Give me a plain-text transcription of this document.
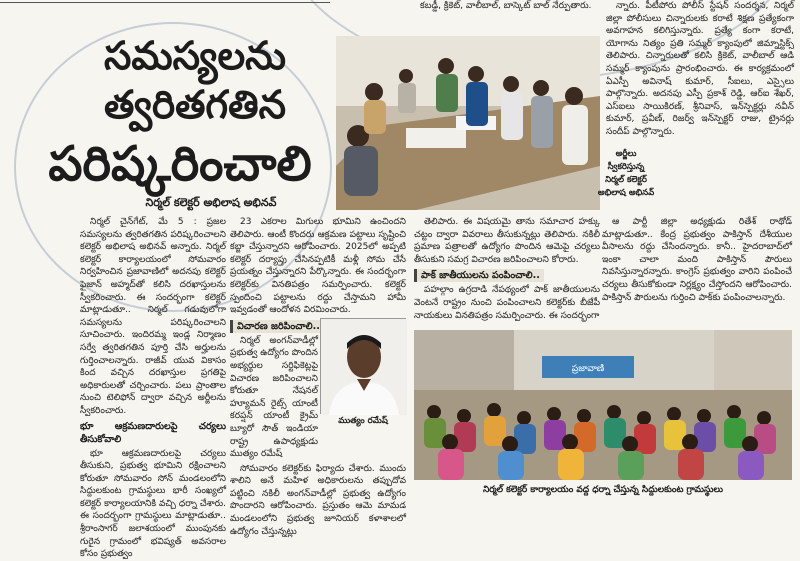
సమస్యలను
త్వరితగతిన
పరిష్కరించాలి
నిర్మల్‌ కలెక్టర్‌ అభిలాష అభినవ్‌
అర్జీలు
స్వీకరిస్తున్న
నిర్మల్‌ కలెక్టర్‌
అభిలాష అభినవ్‌

కబడ్డీ, క్రికెట్‌, వాలీబాల్‌, బాస్కెట్‌ బాల్‌ నేర్పుతారు.	న్నారు. పీటీపోరు పోలీస్‌ స్టేషన్‌ సందర్శన, నిర్మల్‌ జిల్లా పోలీసులు చిన్నారులకు కరాటే శిక్షణ ప్రత్యేకంగా అవగాహన కలిగిస్తున్నారు. ప్రత్యే కంగా కరాటే, యోగాను నిత్యం ప్రతి సమ్మర్‌ క్యాంపులో జిమ్నాస్టిక్స్‌ తెలిపారు. చిన్నారులతో కలిసి క్రికెట్‌, వాలీబాల్‌ ఆడి సమ్మర్‌ క్యాంపును ప్రారంభించారు. ఈ కార్యక్రమంలో ఏఎస్పీ అవినాష్‌ కుమార్‌, సీఐలు, ఎస్సైలు పాల్గొన్నారు. అదనపు ఎస్పీ ప్రకాశ్‌ రెడ్డి, ఆర్‌ఐ శేఖర్‌, ఎస్‌ఐలు సాయికిరణ్‌, శ్రీనివాస్‌, ఇన్‌స్పెక్టర్లు నవీన్‌ కుమార్‌, ప్రవీణ్‌, రిజర్వ్‌ ఇన్‌స్పెక్టర్‌ రాజు, ట్రైనర్లు సందీప్‌ పాల్గొన్నారు.

నిర్మల్‌ చైన్‌గేట్‌, మే 5 : ప్రజల సమస్యలను త్వరితగతిన పరిష్కరించాలని కలెక్టర్‌ అభిలాష అభినవ్‌ అన్నారు. నిర్మల్‌ కలెక్టర్‌ కార్యాలయంలో సోమవారం నిర్వహించిన ప్రజావాణిలో అదనపు కలెక్టర్‌ ఫైజాన్‌ అహ్మద్‌తో కలిసి దరఖాస్తులను స్వీకరించారు. ఈ సందర్భంగా కలెక్టర్‌ మాట్లాడుతూ.. నిర్మల్‌ గడువులోగా సమస్యలను పరిష్కరించాలని సూచించారు. ఇందిరమ్మ ఇండ్ల నిర్మాణం సర్వే త్వరితగతిన పూర్తి చేసి అర్హులను గుర్తించాలన్నారు. రాజీవ్‌ యువ వికాసం కింద వచ్చిన దరఖాస్తుల ప్రగతిపై అధికారులతో చర్చించారు. పలు ప్రాంతాల నుంచి టెలిఫోన్‌ ద్వారా వచ్చిన అర్జీలను స్వీకరించారు.

భూ ఆక్రమణదారులపై చర్యలు తీసుకోవాలి

భూ ఆక్రమణదారులపై చర్యలు తీసుకుని, ప్రభుత్వ భూమిని రక్షించాలని కోరుతూ సోమవారం సోన్‌ మండలంలోని సిద్దులకుంట గ్రామస్థులు భారీ సంఖ్యలో కలెక్టర్‌ కార్యాలయానికి వచ్చి ధర్నా చేశారు. ఈ సందర్భంగా గ్రామస్థులు మాట్లాడుతూ.. శ్రీరాంసాగర్‌ జలాశయంలో ముంపునకు గురైన గ్రామంలో భవిష్యత్‌ అవసరాల కోసం ప్రభుత్వం

23 ఎకరాల మిగులు భూమిని ఉంచిందని తెలిపారు. ఆంటీ కొందరు ఆక్రమణ పట్టాలు సృష్టించి కబ్జా చేస్తున్నారని ఆరోపించారు. 2025లో అప్పటి కలెక్టర్‌ దర్యాప్తు చేసినప్పటికీ మళ్లీ సోమ చేసే ప్రయత్నం చేస్తున్నారని పేర్కొన్నారు. ఈ సందర్భంగా కలెక్టర్‌కు వినతిపత్రం సమర్పించారు. కలెక్టర్‌ స్పందించి పట్టాలను రద్దు చేస్తామని హామీ ఇవ్వడంతో ఆందోళన విరమించారు.

విచారణ జరిపించాలి..

నిర్మల్‌ అంగన్‌వాడీల్లో ప్రభుత్వ ఉద్యోగం పొందిన అభ్యర్థుల సర్టిఫికెట్లపై విచారణ జరిపించాలని కోరుతూ నేషనల్‌ హ్యూమన్‌ రైట్స్‌ యాంటీ కరప్షన్‌ యాంటీ క్రైమ్‌ బ్యూరో సౌత్‌ ఇండియా రాష్ట్ర ఉపాధ్యక్షుడు ముత్యం రమేష్‌

సోమవారం కలెక్టర్‌కు ఫిర్యాదు చేశారు. ముందు శాలిని అనే మహిళ అధికారులను తప్పుదోవ పట్టించి నకిలీ అంగన్‌వాడీల్లో ప్రభుత్వ ఉద్యోగం పొందారని ఆరోపించారు. ప్రస్తుతం ఆమె మామడ మండలంలోని ప్రభుత్వ జూనియర్‌ కళాశాలలో ఉద్యోగం చేస్తున్నట్లు

ముత్యం రమేష్‌

తెలిపారు. ఈ విషయమై తాను సమాచార హక్కు చట్టం ద్వారా వివరాలు తీసుకున్నట్లు తెలిపారు. నకిలీ ప్రమాణ పత్రాలతో ఉద్యోగం పొందిన ఆమెపై చర్యలు తీసుకుని సమగ్ర విచారణ జరిపించాలని కోరారు.

పాక్‌ జాతీయులను పంపించాలి..

పహల్గాం ఉగ్రదాడి నేపథ్యంలో పాక్‌ జాతీయులను వెంటనే రాష్ట్రం నుంచి పంపించాలని కలెక్టర్‌కు బీజేపీ నాయకులు వినతిపత్రం సమర్పించారు. ఈ సందర్భంగా

ఆ పార్టీ జిల్లా అధ్యక్షుడు రితేశ్‌ రాథోడ్‌ మాట్లాడుతూ.. కేంద్ర ప్రభుత్వం పాకిస్తాన్‌ దేశీయుల వీసాలను రద్దు చేసిందన్నారు. కానీ.. హైదరాబాద్‌లో ఇంకా చాలా మంది పాకిస్తాన్‌ పౌరులు నివసిస్తున్నారన్నారు. కాంగ్రెస్‌ ప్రభుత్వం వారిని పంపించే చర్యలు తీసుకోకుండా నిర్లక్ష్యం చేస్తోందని ఆరోపించారు. పాకిస్తాన్‌ పౌరులను గుర్తించి పాక్‌కు పంపించాలన్నారు.

ప్రజావాణి
నిర్మల్‌ కలెక్టర్‌ కార్యాలయం వద్ద ధర్నా చేస్తున్న సిద్దులకుంట గ్రామస్థులు
